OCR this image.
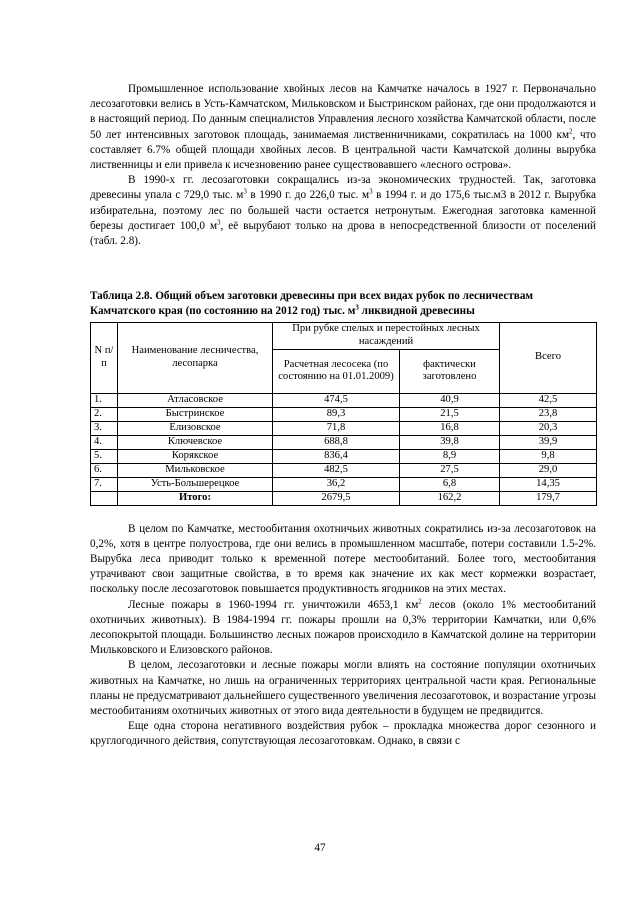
Промышленное использование хвойных лесов на Камчатке началось в 1927 г. Первоначально лесозаготовки велись в Усть-Камчатском, Мильковском и Быстринском районах, где они продолжаются и в настоящий период. По данным специалистов Управления лесного хозяйства Камчатской области, после 50 лет интенсивных заготовок площадь, занимаемая лиственничниками, сократилась на 1000 $км^2$, что составляет 6.7% общей площади хвойных лесов. В центральной части Камчатской долины вырубка лиственницы и ели привела к исчезновению ранее существовавшего «лесного острова».

В 1990-х гг. лесозаготовки сокращались из-за экономических трудностей. Так, заготовка древесины упала с 729,0 тыс. $м^3$ в 1990 г. до 226,0 тыс. $м^3$ в 1994 г. и до 175,6 тыс.м3 в 2012 г. Вырубка избирательна, поэтому лес по большей части остается нетронутым. Ежегодная заготовка каменной березы достигает 100,0 $м^3$, её вырубают только на дрова в непосредственной близости от поселений (табл. 2.8).

Таблица 2.8. Общий объем заготовки древесины при всех видах рубок по лесничествам Камчатского края (по состоянию на 2012 год) тыс. $м^3$ ликвидной древесины
N п/п	Наименование лесничества, лесопарка	При рубке спелых и перестойных лесных насаждений		Всего
		Расчетная лесосека (по состоянию на 01.01.2009)	фактически заготовлено	
1.	Атласовское	474,5	40,9	42,5
2.	Быстринское	89,3	21,5	23,8
3.	Елизовское	71,8	16,8	20,3
4.	Ключевское	688,8	39,8	39,9
5.	Корякское	836,4	8,9	9,8
6.	Мильковское	482,5	27,5	29,0
7.	Усть-Большерецкое	36,2	6,8	14,35
	Итого:	2679,5	162,2	179,7

В целом по Камчатке, местообитания охотничьих животных сократились из-за лесозаготовок на 0,2%, хотя в центре полуострова, где они велись в промышленном масштабе, потери составили 1.5-2%. Вырубка леса приводит только к временной потере местообитаний. Более того, местообитания утрачивают свои защитные свойства, в то время как значение их как мест кормежки возрастает, поскольку после лесозаготовок повышается продуктивность ягодников на этих местах.

Лесные пожары в 1960-1994 гг. уничтожили 4653,1 $км^2$ лесов (около 1% местообитаний охотничьих животных). В 1984-1994 гг. пожары прошли на 0,3% территории Камчатки, или 0,6% лесопокрытой площади. Большинство лесных пожаров происходило в Камчатской долине на территории Мильковского и Елизовского районов.

В целом, лесозаготовки и лесные пожары могли влиять на состояние популяции охотничьих животных на Камчатке, но лишь на ограниченных территориях центральной части края. Региональные планы не предусматривают дальнейшего существенного увеличения лесозаготовок, и возрастание угрозы местообитаниям охотничьих животных от этого вида деятельности в будущем не предвидится.

Еще одна сторона негативного воздействия рубок – прокладка множества дорог сезонного и круглогодичного действия, сопутствующая лесозаготовкам. Однако, в связи с

47
